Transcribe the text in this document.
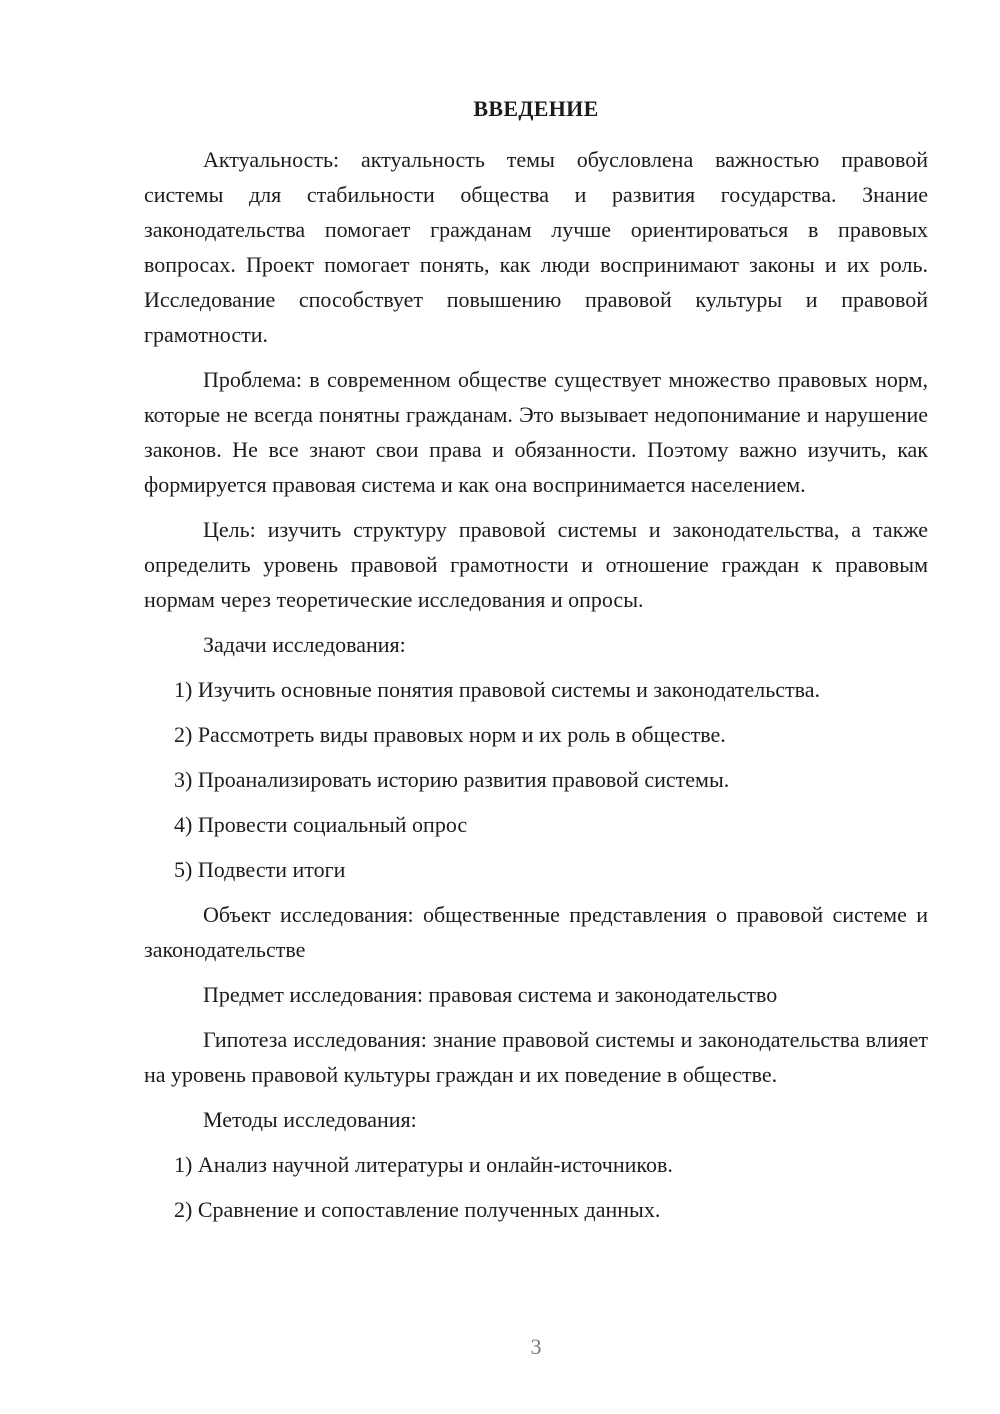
ВВЕДЕНИЕ

Актуальность: актуальность темы обусловлена важностью правовой системы для стабильности общества и развития государства. Знание законодательства помогает гражданам лучше ориентироваться в правовых вопросах. Проект помогает понять, как люди воспринимают законы и их роль. Исследование способствует повышению правовой культуры и правовой грамотности.

Проблема: в современном обществе существует множество правовых норм, которые не всегда понятны гражданам. Это вызывает недопонимание и нарушение законов. Не все знают свои права и обязанности. Поэтому важно изучить, как формируется правовая система и как она воспринимается населением.

Цель: изучить структуру правовой системы и законодательства, а также определить уровень правовой грамотности и отношение граждан к правовым нормам через теоретические исследования и опросы.

Задачи исследования:

1) Изучить основные понятия правовой системы и законодательства.
2) Рассмотреть виды правовых норм и их роль в обществе.
3) Проанализировать историю развития правовой системы.
4) Провести социальный опрос
5) Подвести итоги

Объект исследования: общественные представления о правовой системе и законодательстве

Предмет исследования: правовая система и законодательство

Гипотеза исследования: знание правовой системы и законодательства влияет на уровень правовой культуры граждан и их поведение в обществе.

Методы исследования:

1) Анализ научной литературы и онлайн-источников.
2) Сравнение и сопоставление полученных данных.
3
